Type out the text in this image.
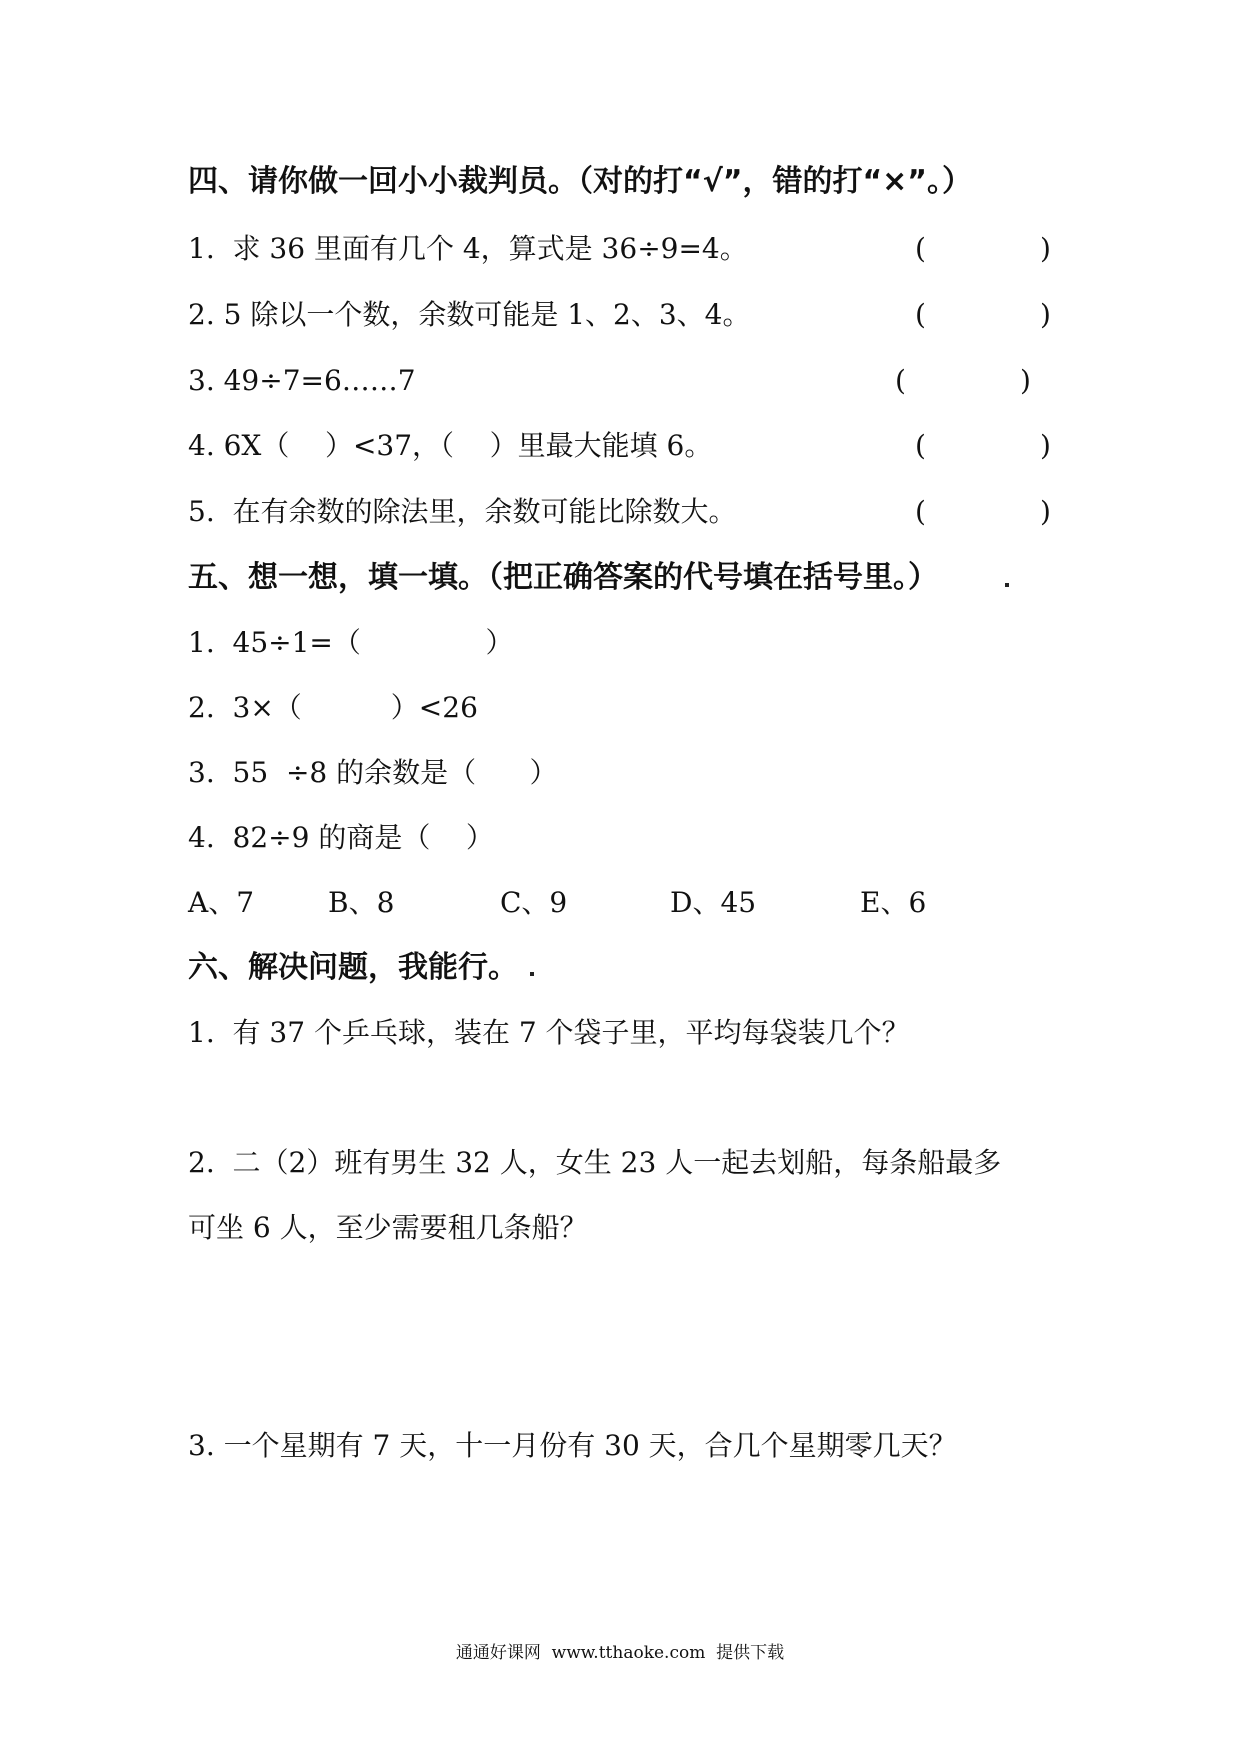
四、请你做一回小小裁判员。（对的打“√”，错的打“×”。）
1.  求 36 里面有几个 4，算式是 36÷9=4。	(	)
2. 5 除以一个数，余数可能是 1、2、3、4。	(	)
3. 49÷7=6……7	(	)
4. 6X（    ）<37，（    ）里最大能填 6。	(	)
5.  在有余数的除法里，余数可能比除数大。	(	)
五、想一想，填一填。（把正确答案的代号填在括号里。）
1.  45÷1=（              ）
2.  3×（          ）<26
3.  55  ÷8 的余数是（      ）
4.  82÷9 的商是（    ）
A、7	B、8	C、9	D、45	E、6
六、解决问题，我能行。
1.  有 37 个乒乓球，装在 7 个袋子里，平均每袋装几个？
2.  二（2）班有男生 32 人，女生 23 人一起去划船，每条船最多
可坐 6 人，至少需要租几条船？
3. 一个星期有 7 天，十一月份有 30 天，合几个星期零几天？
通通好课网  www.tthaoke.com  提供下载
